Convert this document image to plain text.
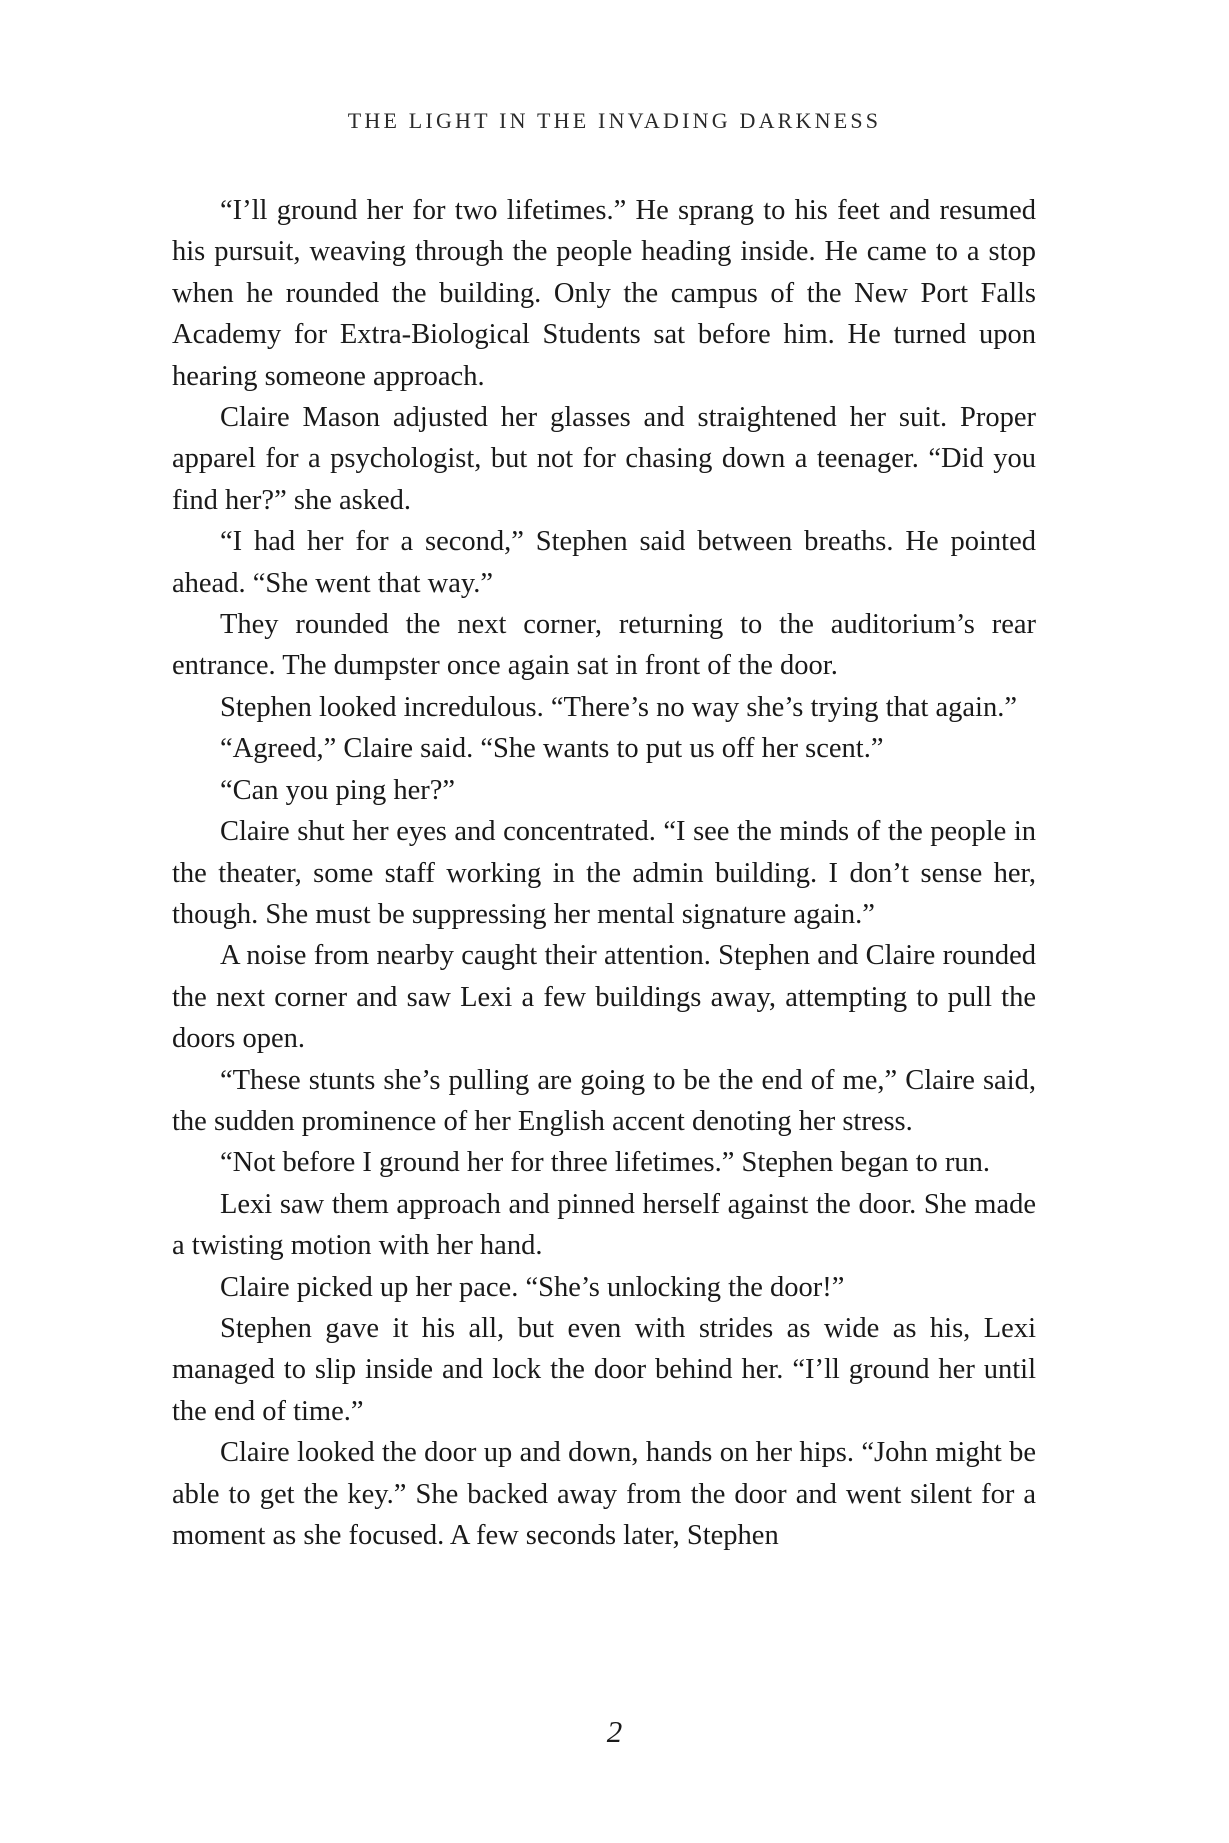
THE LIGHT IN THE INVADING DARKNESS

“I’ll ground her for two lifetimes.” He sprang to his feet and resumed his pursuit, weaving through the people heading inside. He came to a stop when he rounded the building. Only the campus of the New Port Falls Academy for Extra-Biological Students sat before him. He turned upon hearing someone approach.

Claire Mason adjusted her glasses and straightened her suit. Proper apparel for a psychologist, but not for chasing down a teenager. “Did you find her?” she asked.

“I had her for a second,” Stephen said between breaths. He pointed ahead. “She went that way.”

They rounded the next corner, returning to the auditorium’s rear entrance. The dumpster once again sat in front of the door.

Stephen looked incredulous. “There’s no way she’s trying that again.”

“Agreed,” Claire said. “She wants to put us off her scent.”

“Can you ping her?”

Claire shut her eyes and concentrated. “I see the minds of the people in the theater, some staff working in the admin building. I don’t sense her, though. She must be suppressing her mental signature again.”

A noise from nearby caught their attention. Stephen and Claire rounded the next corner and saw Lexi a few buildings away, attempting to pull the doors open.

“These stunts she’s pulling are going to be the end of me,” Claire said, the sudden prominence of her English accent denoting her stress.

“Not before I ground her for three lifetimes.” Stephen began to run.

Lexi saw them approach and pinned herself against the door. She made a twisting motion with her hand.

Claire picked up her pace. “She’s unlocking the door!”

Stephen gave it his all, but even with strides as wide as his, Lexi managed to slip inside and lock the door behind her. “I’ll ground her until the end of time.”

Claire looked the door up and down, hands on her hips. “John might be able to get the key.” She backed away from the door and went silent for a moment as she focused. A few seconds later, Stephen

2
